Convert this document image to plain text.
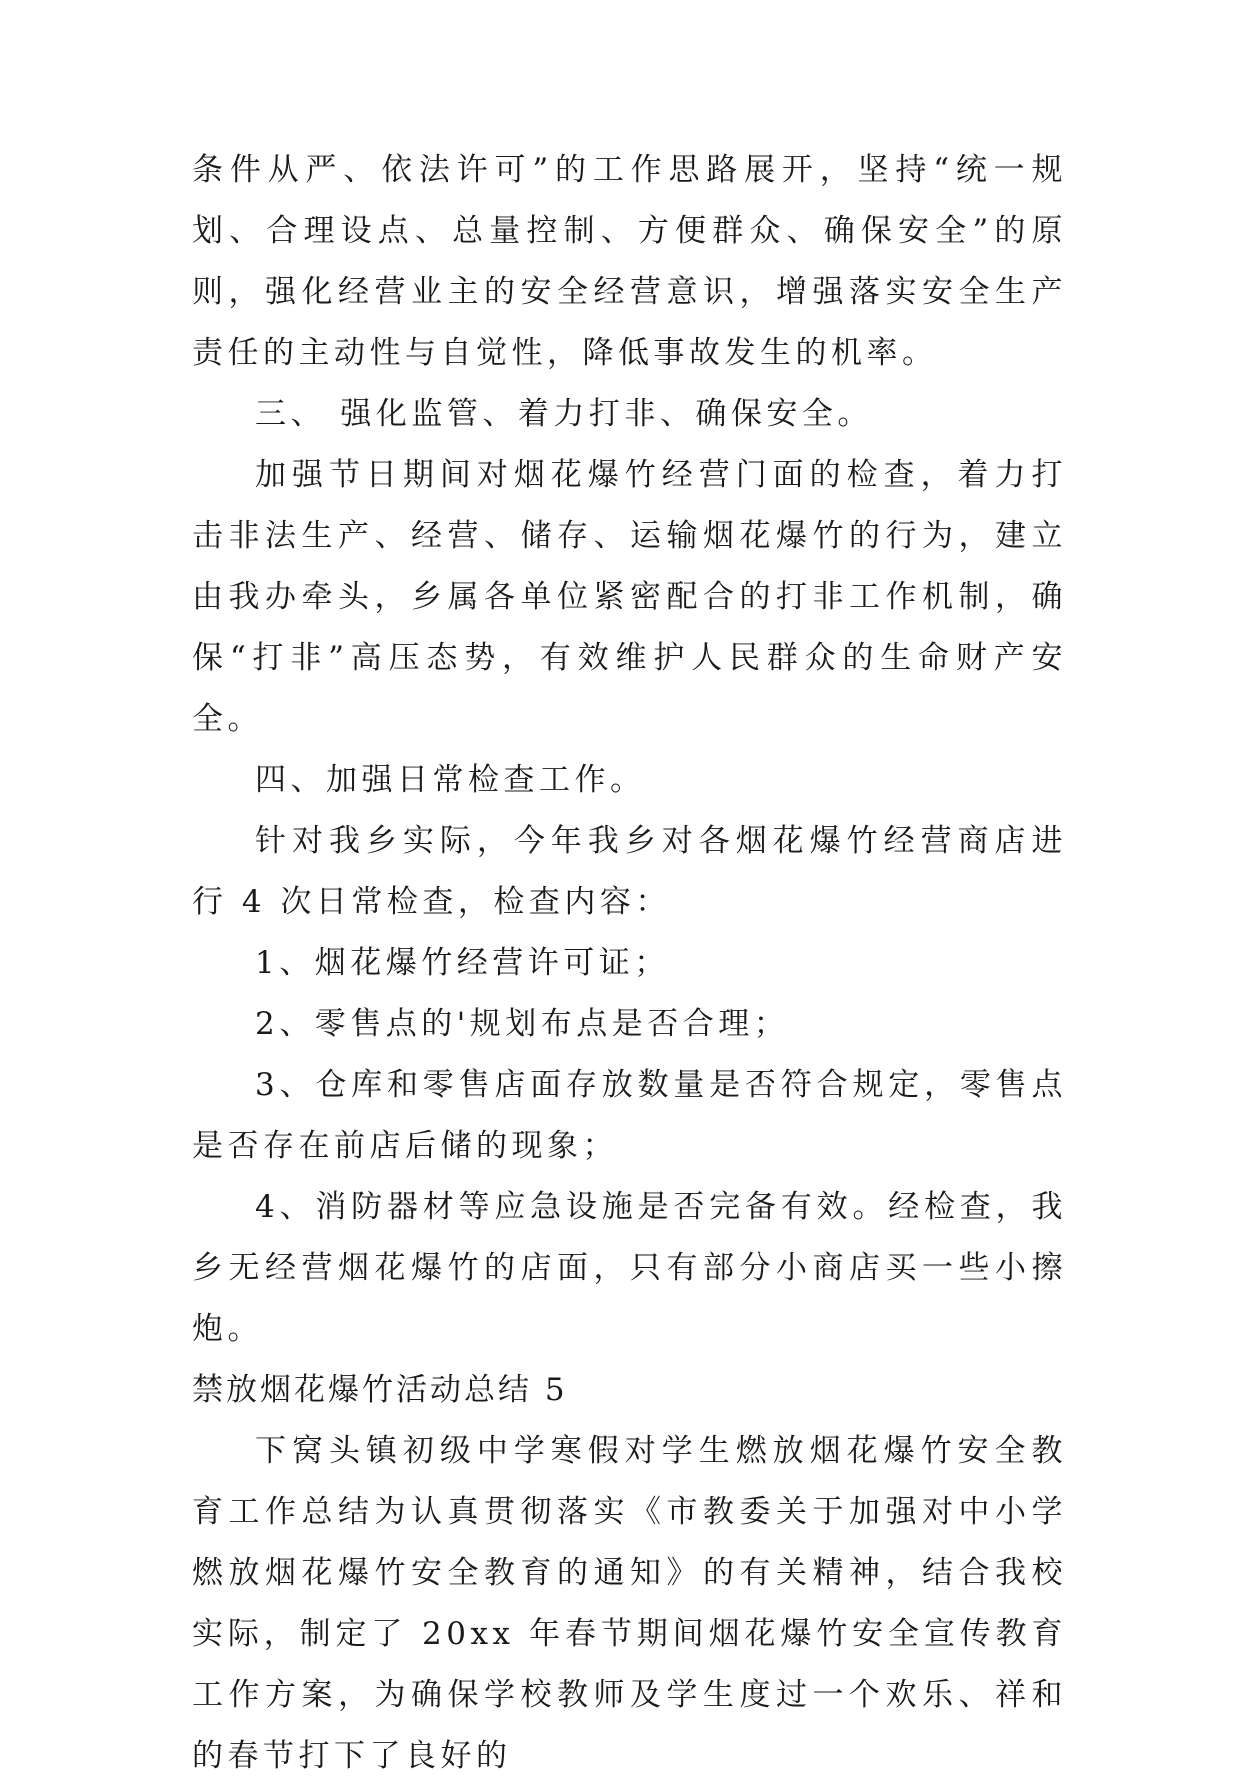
条件从严、依法许可”的工作思路展开，坚持“统一规划、合理设点、总量控制、方便群众、确保安全”的原则，强化经营业主的安全经营意识，增强落实安全生产责任的主动性与自觉性，降低事故发生的机率。

三、 强化监管、着力打非、确保安全。

加强节日期间对烟花爆竹经营门面的检查，着力打击非法生产、经营、储存、运输烟花爆竹的行为，建立由我办牵头，乡属各单位紧密配合的打非工作机制，确保“打非”高压态势，有效维护人民群众的生命财产安全。

四、加强日常检查工作。

针对我乡实际，今年我乡对各烟花爆竹经营商店进行 4 次日常检查，检查内容：

1、烟花爆竹经营许可证；

2、零售点的'规划布点是否合理；

3、仓库和零售店面存放数量是否符合规定，零售点是否存在前店后储的现象；

4、消防器材等应急设施是否完备有效。经检查，我乡无经营烟花爆竹的店面，只有部分小商店买一些小擦炮。

禁放烟花爆竹活动总结 5

下窝头镇初级中学寒假对学生燃放烟花爆竹安全教育工作总结为认真贯彻落实《市教委关于加强对中小学燃放烟花爆竹安全教育的通知》的有关精神，结合我校实际，制定了 20xx 年春节期间烟花爆竹安全宣传教育工作方案，为确保学校教师及学生度过一个欢乐、祥和的春节打下了良好的
